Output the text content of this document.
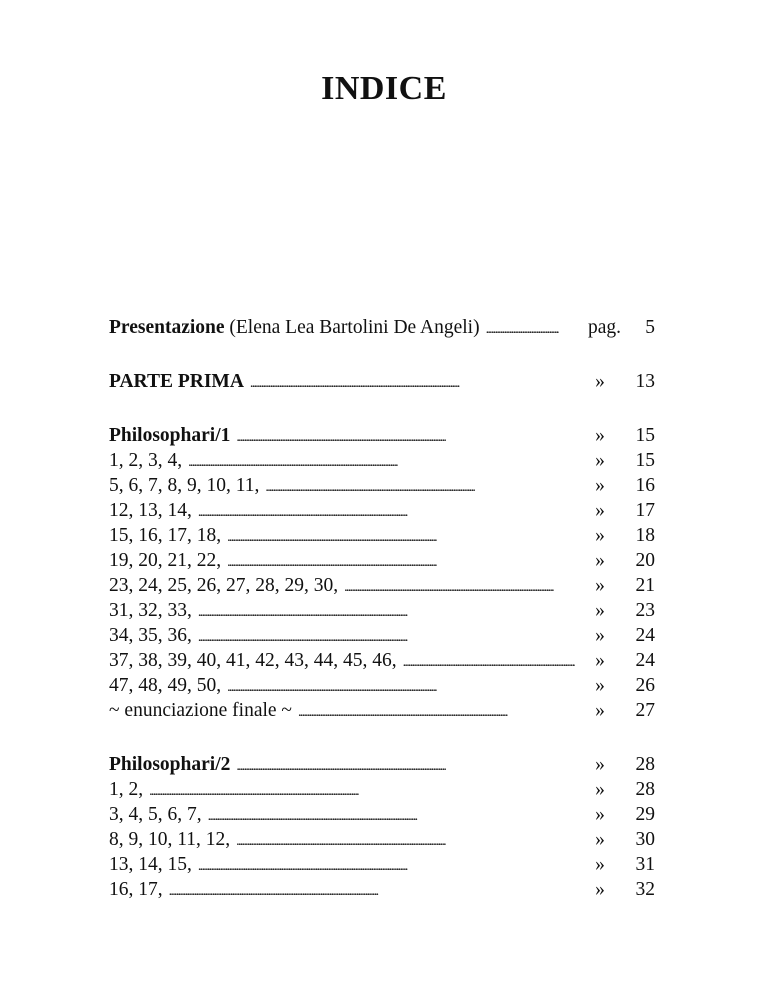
INDICE
Presentazione (Elena Lea Bartolini De Angeli) . . .	pag.	5
PARTE PRIMA . . .	»	13
Philosophari/1 . . .	»	15
1, 2, 3, 4, . . .	»	15
5, 6, 7, 8, 9, 10, 11, . . .	»	16
12, 13, 14, . . .	»	17
15, 16, 17, 18, . . .	»	18
19, 20, 21, 22, . . .	»	20
23, 24, 25, 26, 27, 28, 29, 30, . . .	»	21
31, 32, 33, . . .	»	23
34, 35, 36, . . .	»	24
37, 38, 39, 40, 41, 42, 43, 44, 45, 46, . . .	»	24
47, 48, 49, 50, . . .	»	26
~ enunciazione finale ~ . . .	»	27
Philosophari/2 . . .	»	28
1, 2, . . .	»	28
3, 4, 5, 6, 7, . . .	»	29
8, 9, 10, 11, 12, . . .	»	30
13, 14, 15, . . .	»	31
16, 17, . . .	»	32
